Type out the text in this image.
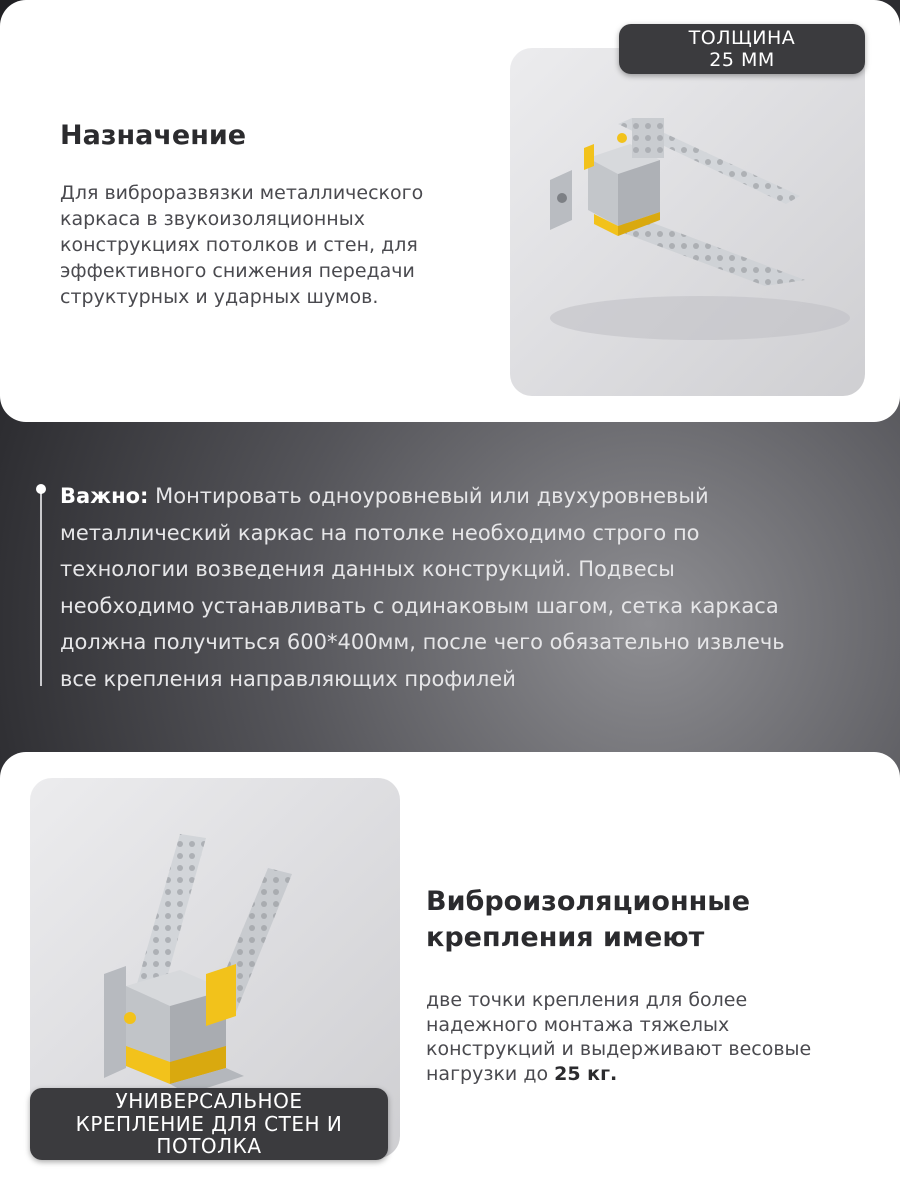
Назначение

Для виброразвязки металлического
каркаса в звукоизоляционных
конструкциях потолков и стен, для
эффективного снижения передачи
структурных и ударных шумов.

ТОЛЩИНА
25 ММ

Важно: Монтировать одноуровневый или двухуровневый
металлический каркас на потолке необходимо строго по
технологии возведения данных конструкций. Подвесы
необходимо устанавливать с одинаковым шагом, сетка каркаса
должна получиться 600*400мм, после чего обязательно извлечь
все крепления направляющих профилей

УНИВЕРСАЛЬНОЕ
КРЕПЛЕНИЕ ДЛЯ СТЕН И
ПОТОЛКА
Виброизоляционные
крепления имеют

две точки крепления для более
надежного монтажа тяжелых
конструкций и выдерживают весовые
нагрузки до 25 кг.
